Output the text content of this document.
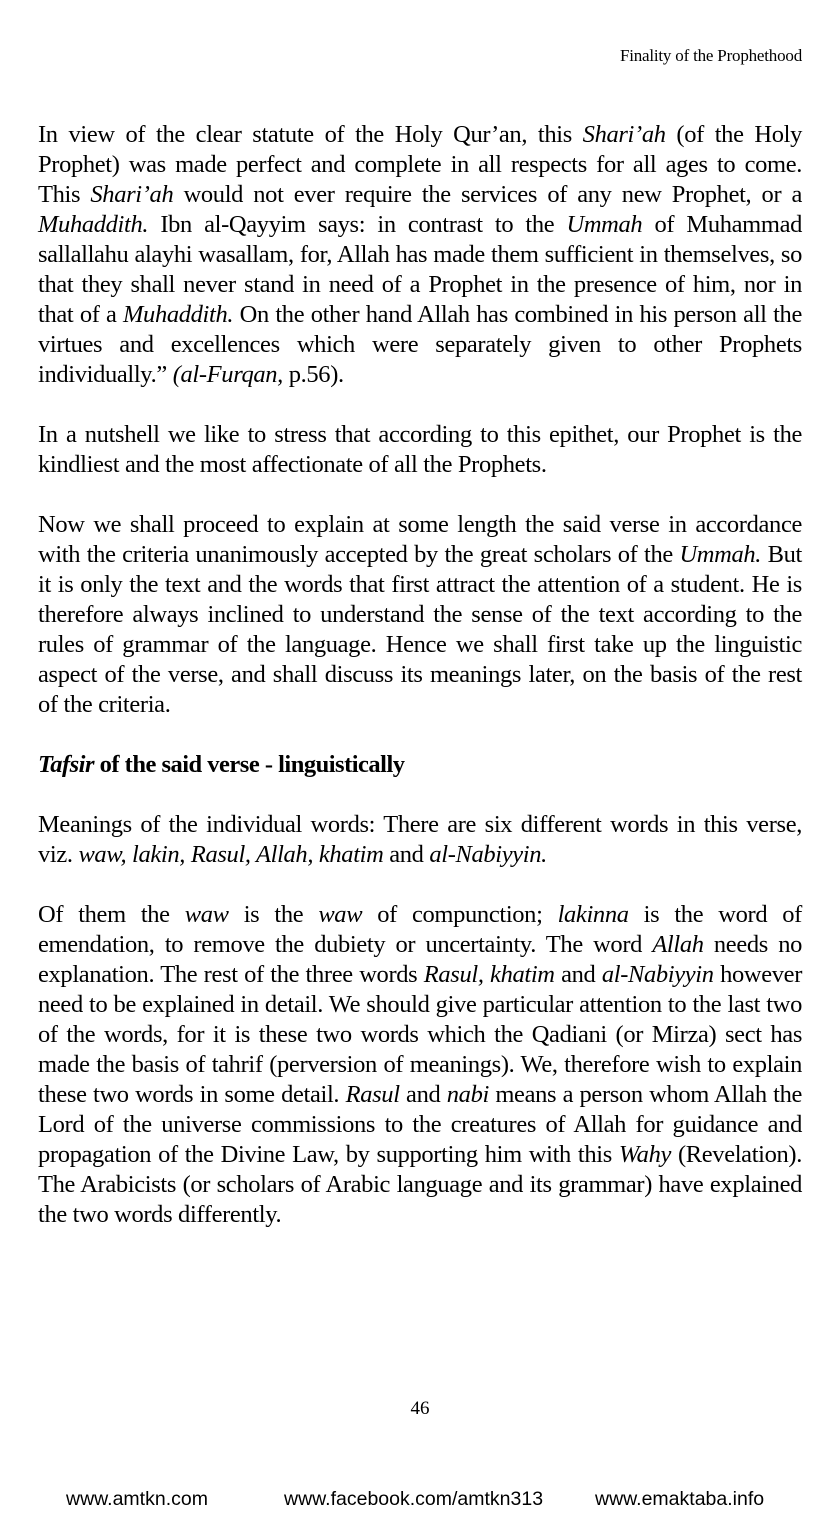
Finality of the Prophethood

In view of the clear statute of the Holy Qur’an, this Shari’ah (of the Holy Prophet) was made perfect and complete in all respects for all ages to come. This Shari’ah would not ever require the services of any new Prophet, or a Muhaddith. Ibn al-Qayyim says: in contrast to the Ummah of Muhammad sallallahu alayhi wasallam, for, Allah has made them sufficient in themselves, so that they shall never stand in need of a Prophet in the presence of him, nor in that of a Muhaddith. On the other hand Allah has combined in his person all the virtues and excellences which were separately given to other Prophets individually.” (al-Furqan, p.56).

In a nutshell we like to stress that according to this epithet, our Prophet is the kindliest and the most affectionate of all the Prophets.

Now we shall proceed to explain at some length the said verse in accordance with the criteria unanimously accepted by the great scholars of the Ummah. But it is only the text and the words that first attract the attention of a student. He is therefore always inclined to understand the sense of the text according to the rules of grammar of the language. Hence we shall first take up the linguistic aspect of the verse, and shall discuss its meanings later, on the basis of the rest of the criteria.

Tafsir of the said verse - linguistically

Meanings of the individual words: There are six different words in this verse, viz. waw, lakin, Rasul, Allah, khatim and al-Nabiyyin.

Of them the waw is the waw of compunction; lakinna is the word of emendation, to remove the dubiety or uncertainty. The word Allah needs no explanation. The rest of the three words Rasul, khatim and al-Nabiyyin however need to be explained in detail. We should give particular attention to the last two of the words, for it is these two words which the Qadiani (or Mirza) sect has made the basis of tahrif (perversion of meanings). We, therefore wish to explain these two words in some detail. Rasul and nabi means a person whom Allah the Lord of the universe commissions to the creatures of Allah for guidance and propagation of the Divine Law, by supporting him with this Wahy (Revelation). The Arabicists (or scholars of Arabic language and its grammar) have explained the two words differently.

46
www.amtkn.com	www.facebook.com/amtkn313	www.emaktaba.info
